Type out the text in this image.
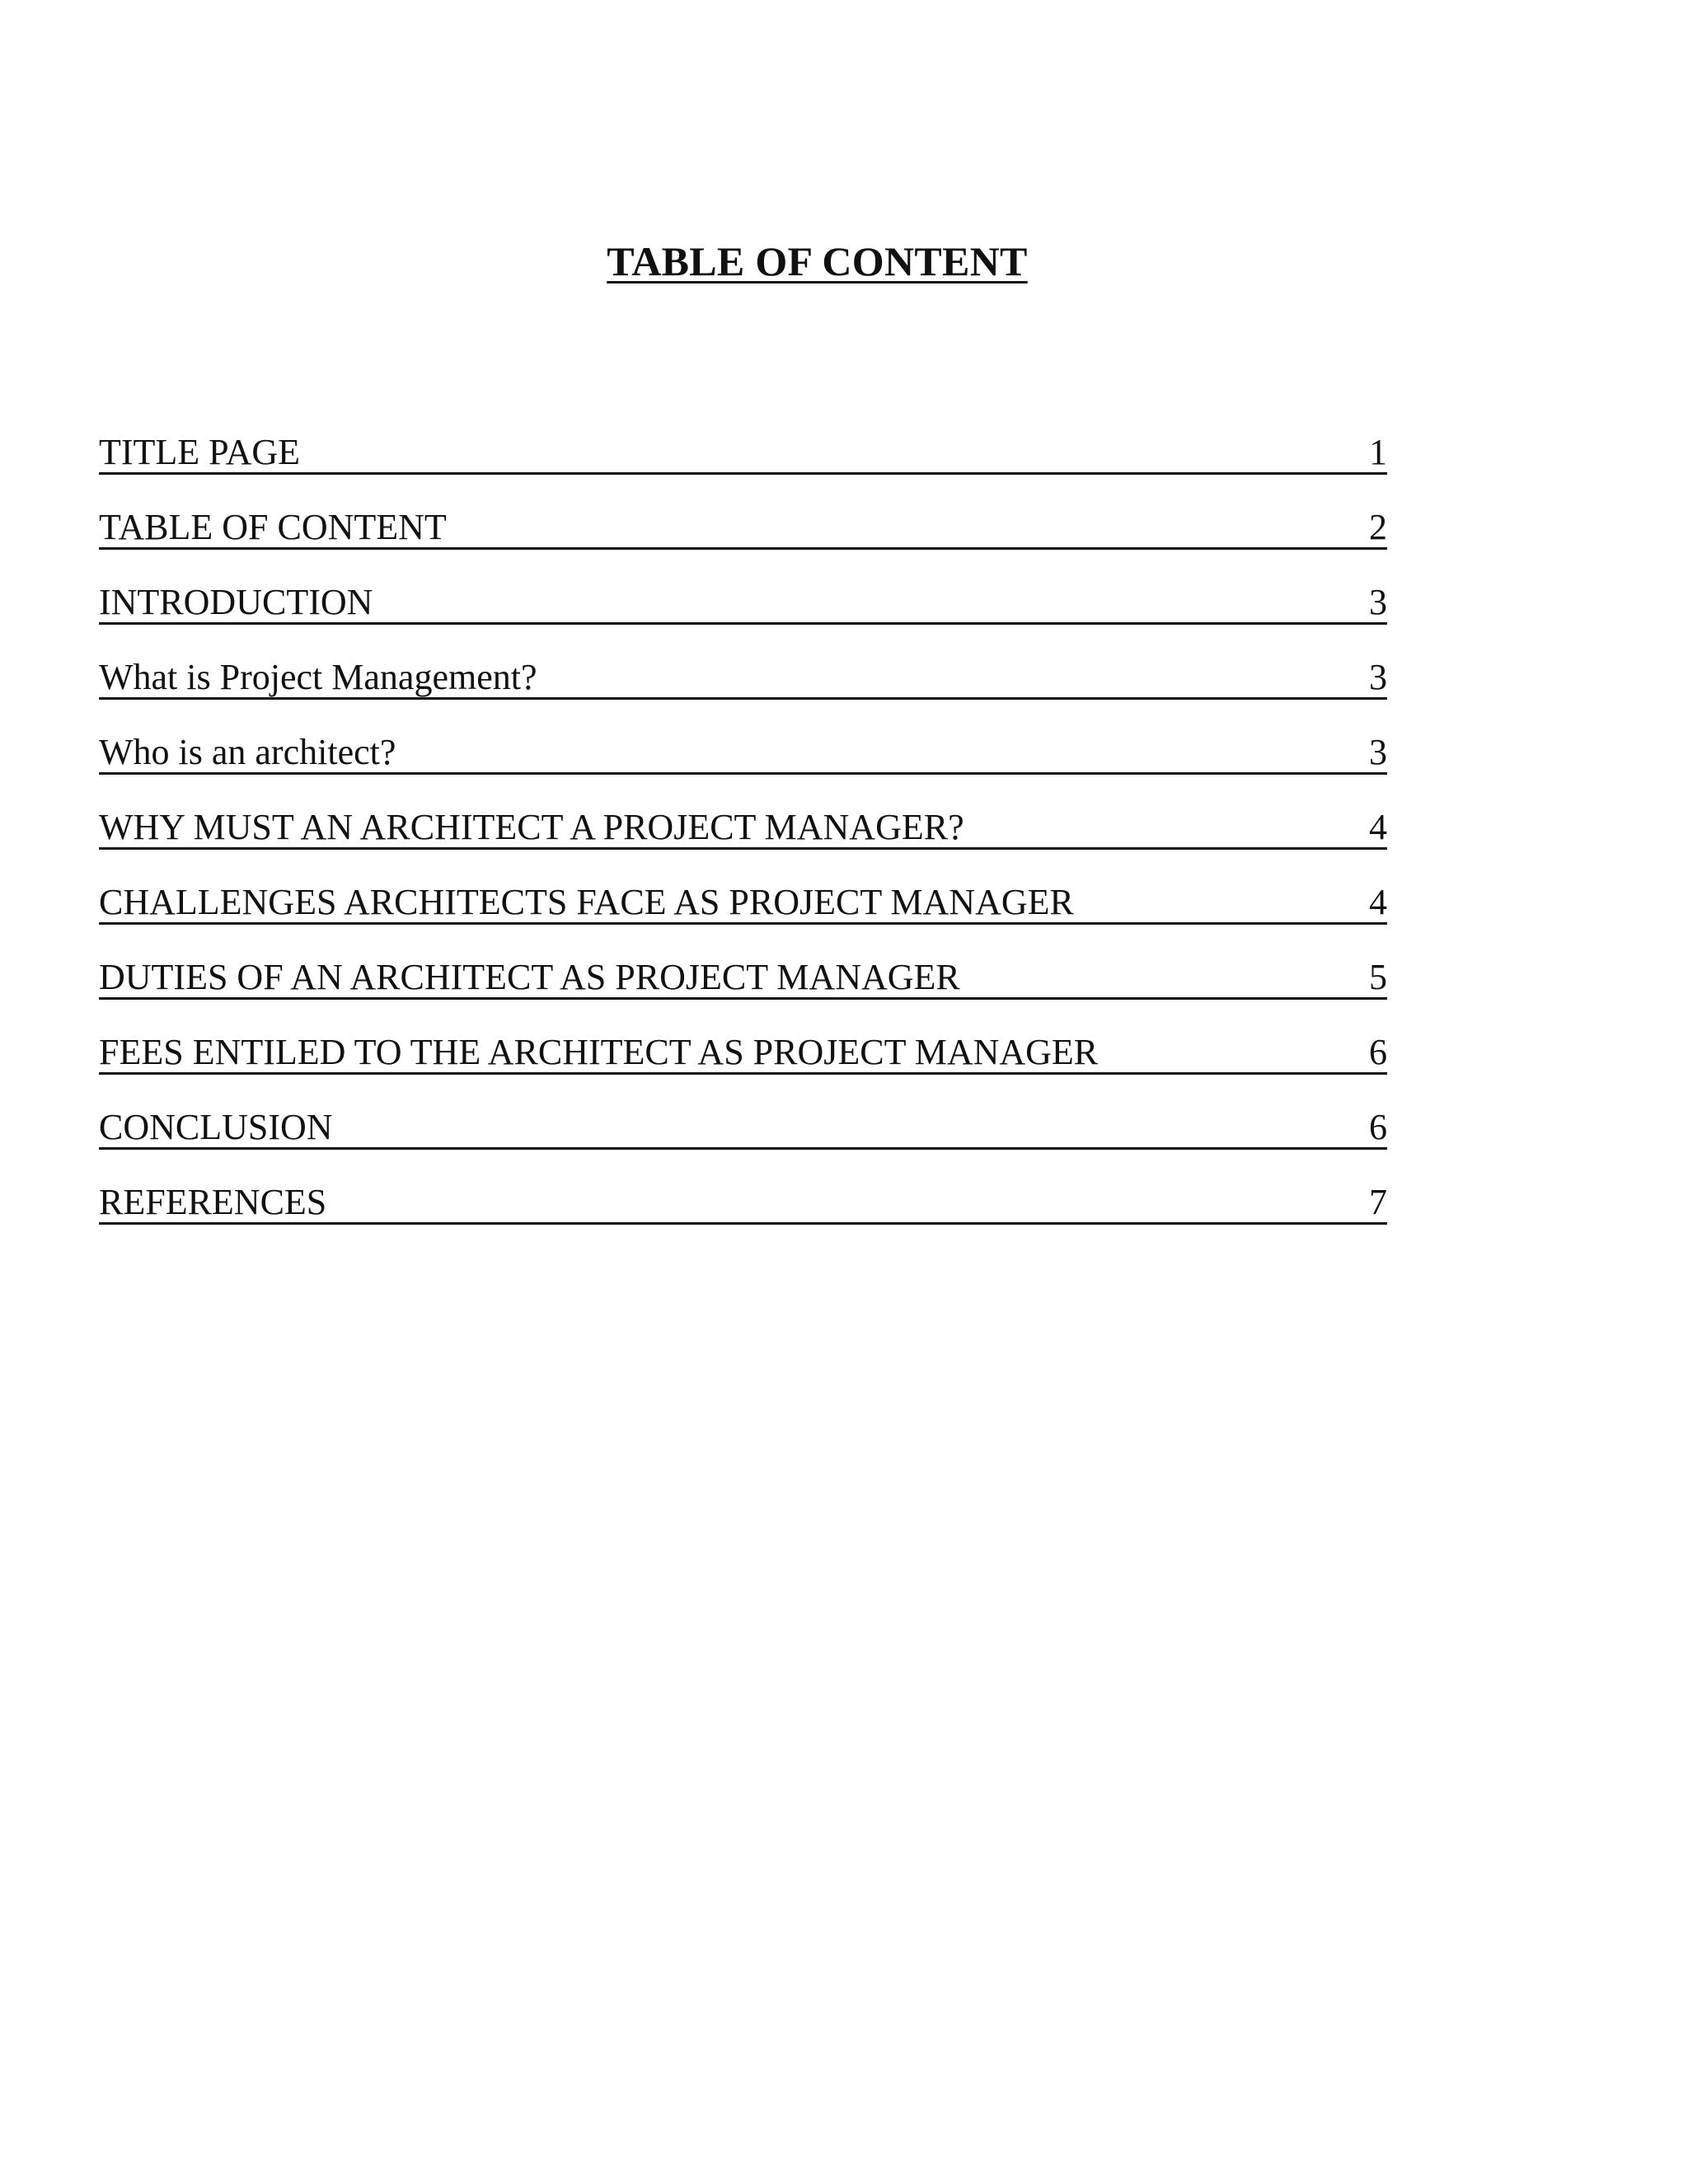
TABLE OF CONTENT
TITLE PAGE	1
TABLE OF CONTENT	2
INTRODUCTION	3
What is Project Management?	3
Who is an architect?	3
WHY MUST AN ARCHITECT A PROJECT MANAGER?	4
CHALLENGES ARCHITECTS FACE AS PROJECT MANAGER	4
DUTIES OF AN ARCHITECT AS PROJECT MANAGER	5
FEES ENTILED TO THE ARCHITECT AS PROJECT MANAGER	6
CONCLUSION	6
REFERENCES	7
